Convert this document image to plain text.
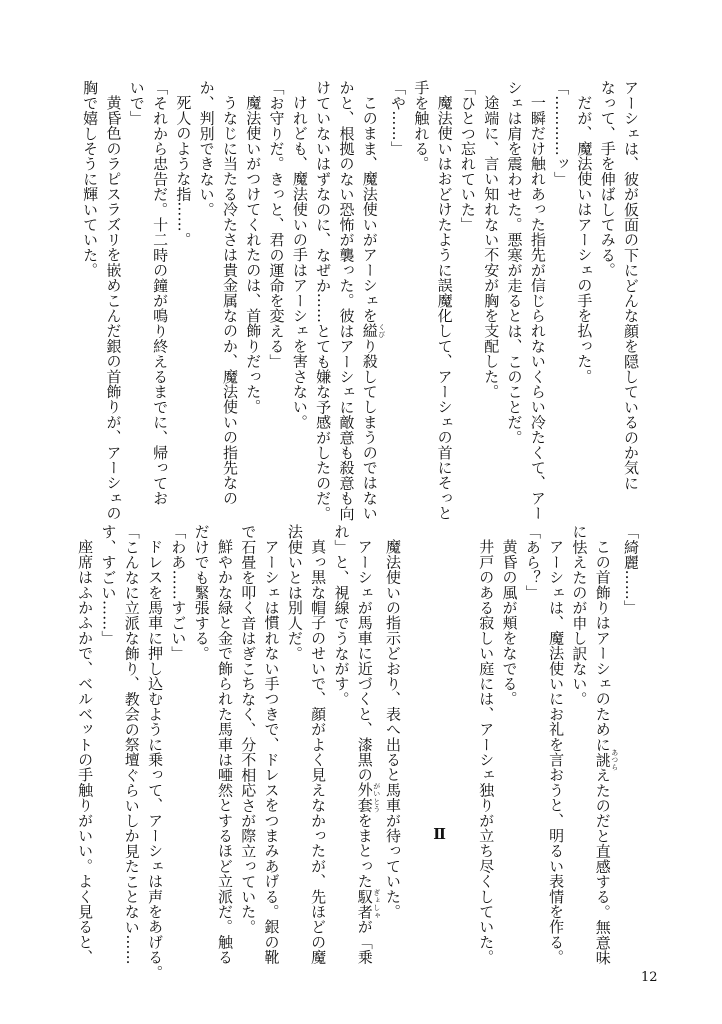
アーシェは、彼が仮面の下にどんな顔を隠しているのか気に
なって、手を伸ばしてみる。
だが、魔法使いはアーシェの手を払った。
「…………ッ」
一瞬だけ触れあった指先が信じられないくらい冷たくて、アー
シェは肩を震わせた。悪寒が走るとは、このことだ。
途端に、言い知れない不安が胸を支配した。
「ひとつ忘れていた」
魔法使いはおどけたように誤魔化して、アーシェの首にそっと
手を触れる。
「や……」
このまま、魔法使いがアーシェを縊 くびり殺してしまうのではない
かと、根拠のない恐怖が襲った。彼はアーシェに敵意も殺意も向
けていないはずなのに、なぜか……とても嫌な予感がしたのだ。
けれども、魔法使いの手はアーシェを害さない。
「お守りだ。きっと、君の運命を変える」
魔法使いがつけてくれたのは、首飾りだった。
うなじに当たる冷たさは貴金属なのか、魔法使いの指先なの
か、判別できない。
死人のような指……。
「それから忠告だ。十二時の鐘が鳴り終えるまでに、帰ってお
いで」
黄昏色のラピスラズリを嵌めこんだ銀の首飾りが、アーシェの
胸で嬉しそうに輝いていた。
「綺麗……」
この首飾りはアーシェのために誂 あつらえたのだと直感する。無意味
に怯えたのが申し訳ない。
アーシェは、魔法使いにお礼を言おうと、明るい表情を作る。
「あら？」
黄昏の風が頬をなでる。
井戸のある寂しい庭には、アーシェ独りが立ち尽くしていた。

Ⅱ

魔法使いの指示どおり、表へ出ると馬車が待っていた。
アーシェが馬車に近づくと、漆黒の外套 がいとうをまとった馭者 ぎょしゃが「乗
れ」と、視線でうながす。
真っ黒な帽子のせいで、顔がよく見えなかったが、先ほどの魔
法使いとは別人だ。
アーシェは慣れない手つきで、ドレスをつまみあげる。銀の靴
で石畳を叩く音はぎこちなく、分不相応さが際立っていた。
鮮やかな緑と金で飾られた馬車は唖然とするほど立派だ。触る
だけでも緊張する。
「わあ……すごい」
ドレスを馬車に押し込むように乗って、アーシェは声をあげる。
「こんなに立派な飾り、教会の祭壇ぐらいしか見たことない……
す、すごい……」
座席はふかふかで、ベルベットの手触りがいい。よく見ると、
12
